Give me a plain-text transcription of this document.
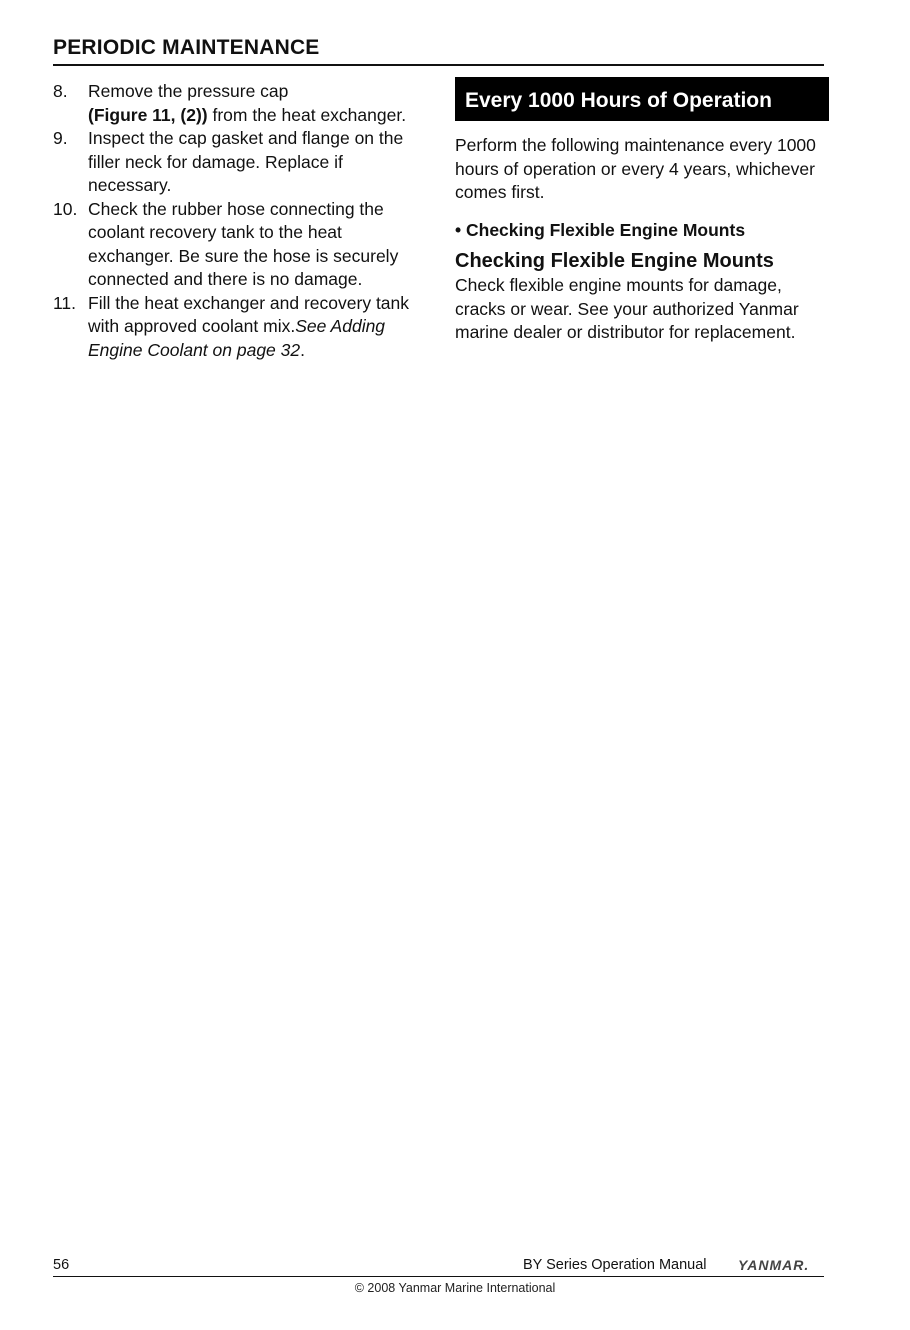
PERIODIC MAINTENANCE
8. Remove the pressure cap
(Figure 11, (2)) from the heat exchanger.
9. Inspect the cap gasket and flange on the filler neck for damage. Replace if necessary.
10. Check the rubber hose connecting the coolant recovery tank to the heat exchanger. Be sure the hose is securely connected and there is no damage.
11. Fill the heat exchanger and recovery tank with approved coolant mix.See Adding Engine Coolant on page 32.
Every 1000 Hours of Operation

Perform the following maintenance every 1000 hours of operation or every 4 years, whichever comes first.

• Checking Flexible Engine Mounts

Checking Flexible Engine Mounts

Check flexible engine mounts for damage, cracks or wear. See your authorized Yanmar marine dealer or distributor for replacement.

56	BY Series Operation Manual YANMAR.
© 2008 Yanmar Marine International
